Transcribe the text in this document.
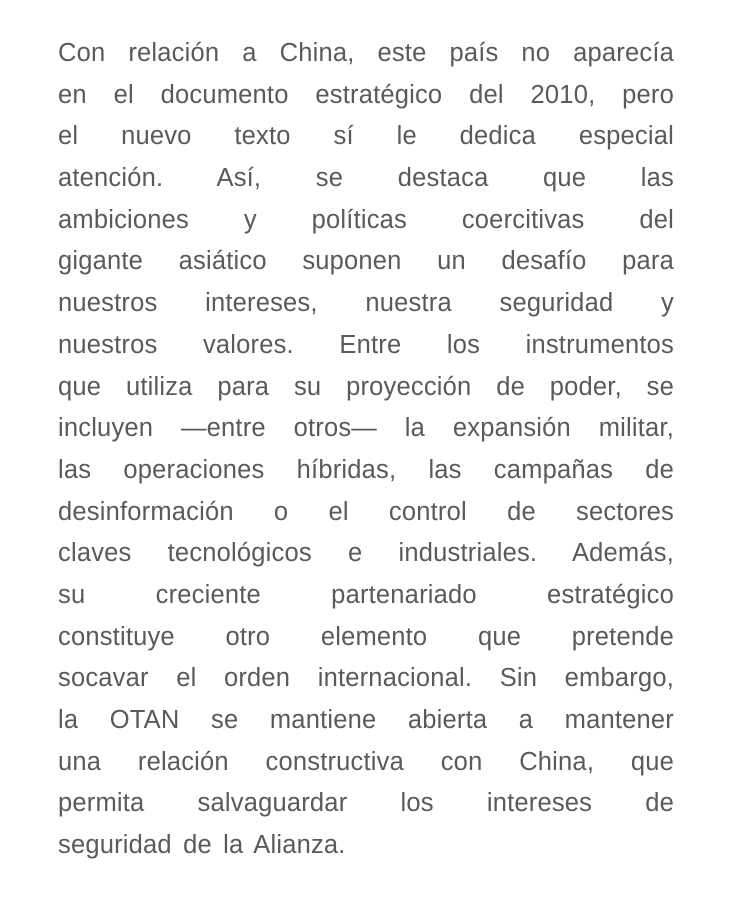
Con relación a China, este país no aparecía
en el documento estratégico del 2010, pero
el nuevo texto sí le dedica especial
atención. Así, se destaca que las
ambiciones y políticas coercitivas del
gigante asiático suponen un desafío para
nuestros intereses, nuestra seguridad y
nuestros valores. Entre los instrumentos
que utiliza para su proyección de poder, se
incluyen —entre otros— la expansión militar,
las operaciones híbridas, las campañas de
desinformación o el control de sectores
claves tecnológicos e industriales. Además,
su creciente partenariado estratégico
constituye otro elemento que pretende
socavar el orden internacional. Sin embargo,
la OTAN se mantiene abierta a mantener
una relación constructiva con China, que
permita salvaguardar los intereses de
seguridad de la Alianza.
